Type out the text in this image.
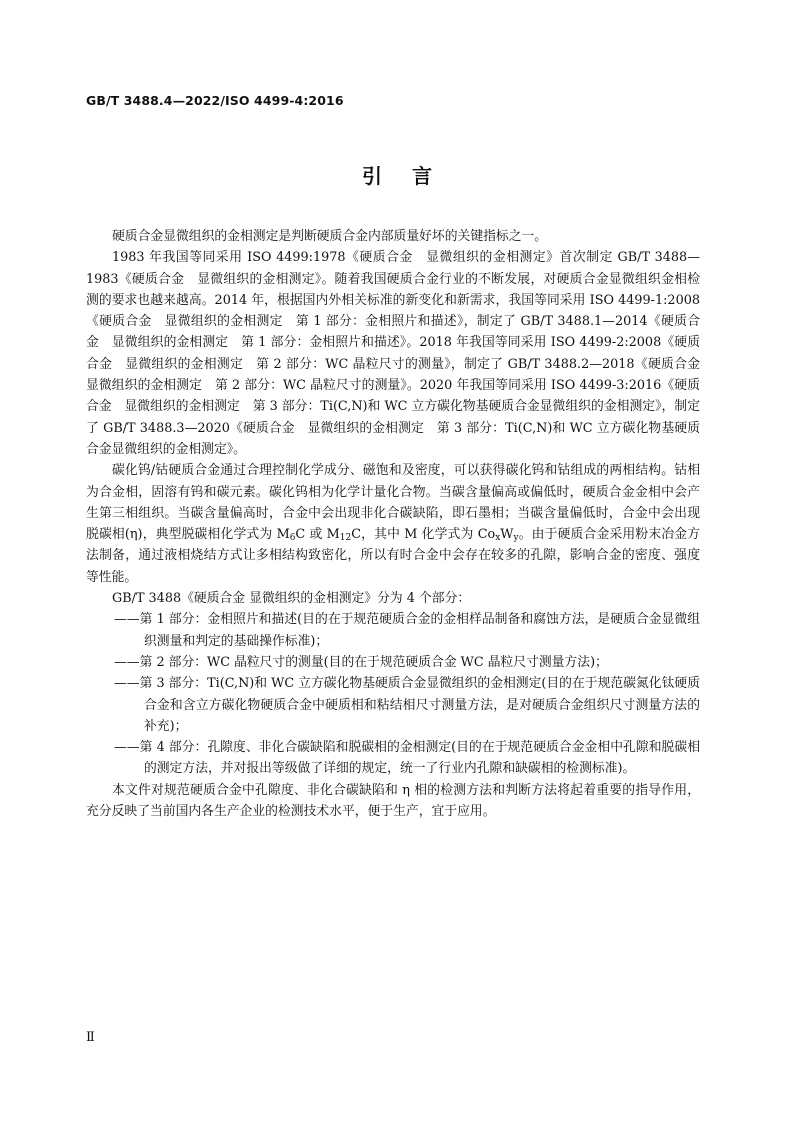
GB/T 3488.4—2022/ISO 4499-4:2016
引 言

硬质合金显微组织的金相测定是判断硬质合金内部质量好坏的关键指标之一。

1983 年我国等同采用 ISO 4499:1978《硬质合金　显微组织的金相测定》首次制定 GB/T 3488—1983《硬质合金　显微组织的金相测定》。随着我国硬质合金行业的不断发展，对硬质合金显微组织金相检测的要求也越来越高。2014 年，根据国内外相关标准的新变化和新需求，我国等同采用 ISO 4499-1:2008《硬质合金　显微组织的金相测定　第 1 部分：金相照片和描述》，制定了 GB/T 3488.1—2014《硬质合金　显微组织的金相测定　第 1 部分：金相照片和描述》。2018 年我国等同采用 ISO 4499-2:2008《硬质合金　显微组织的金相测定　第 2 部分：WC 晶粒尺寸的测量》，制定了 GB/T 3488.2—2018《硬质合金　显微组织的金相测定　第 2 部分：WC 晶粒尺寸的测量》。2020 年我国等同采用 ISO 4499-3:2016《硬质合金　显微组织的金相测定　第 3 部分：Ti(C,N)和 WC 立方碳化物基硬质合金显微组织的金相测定》，制定了 GB/T 3488.3—2020《硬质合金　显微组织的金相测定　第 3 部分：Ti(C,N)和 WC 立方碳化物基硬质合金显微组织的金相测定》。

碳化钨/钴硬质合金通过合理控制化学成分、磁饱和及密度，可以获得碳化钨和钴组成的两相结构。钴相为合金相，固溶有钨和碳元素。碳化钨相为化学计量化合物。当碳含量偏高或偏低时，硬质合金金相中会产生第三相组织。当碳含量偏高时，合金中会出现非化合碳缺陷，即石墨相；当碳含量偏低时，合金中会出现脱碳相(η)，典型脱碳相化学式为 $M_6C$ 或 $M_{12}C$，其中 M 化学式为 $Co_xW_y$。由于硬质合金采用粉末冶金方法制备，通过液相烧结方式让多相结构致密化，所以有时合金中会存在较多的孔隙，影响合金的密度、强度等性能。

GB/T 3488《硬质合金 显微组织的金相测定》分为 4 个部分：

——第 1 部分：金相照片和描述(目的在于规范硬质合金的金相样品制备和腐蚀方法，是硬质合金显微组织测量和判定的基础操作标准)；

——第 2 部分：WC 晶粒尺寸的测量(目的在于规范硬质合金 WC 晶粒尺寸测量方法)；

——第 3 部分：Ti(C,N)和 WC 立方碳化物基硬质合金显微组织的金相测定(目的在于规范碳氮化钛硬质合金和含立方碳化物硬质合金中硬质相和粘结相尺寸测量方法，是对硬质合金组织尺寸测量方法的补充)；

——第 4 部分：孔隙度、非化合碳缺陷和脱碳相的金相测定(目的在于规范硬质合金金相中孔隙和脱碳相的测定方法，并对报出等级做了详细的规定，统一了行业内孔隙和缺碳相的检测标准)。

本文件对规范硬质合金中孔隙度、非化合碳缺陷和 η 相的检测方法和判断方法将起着重要的指导作用，充分反映了当前国内各生产企业的检测技术水平，便于生产，宜于应用。

Ⅱ
